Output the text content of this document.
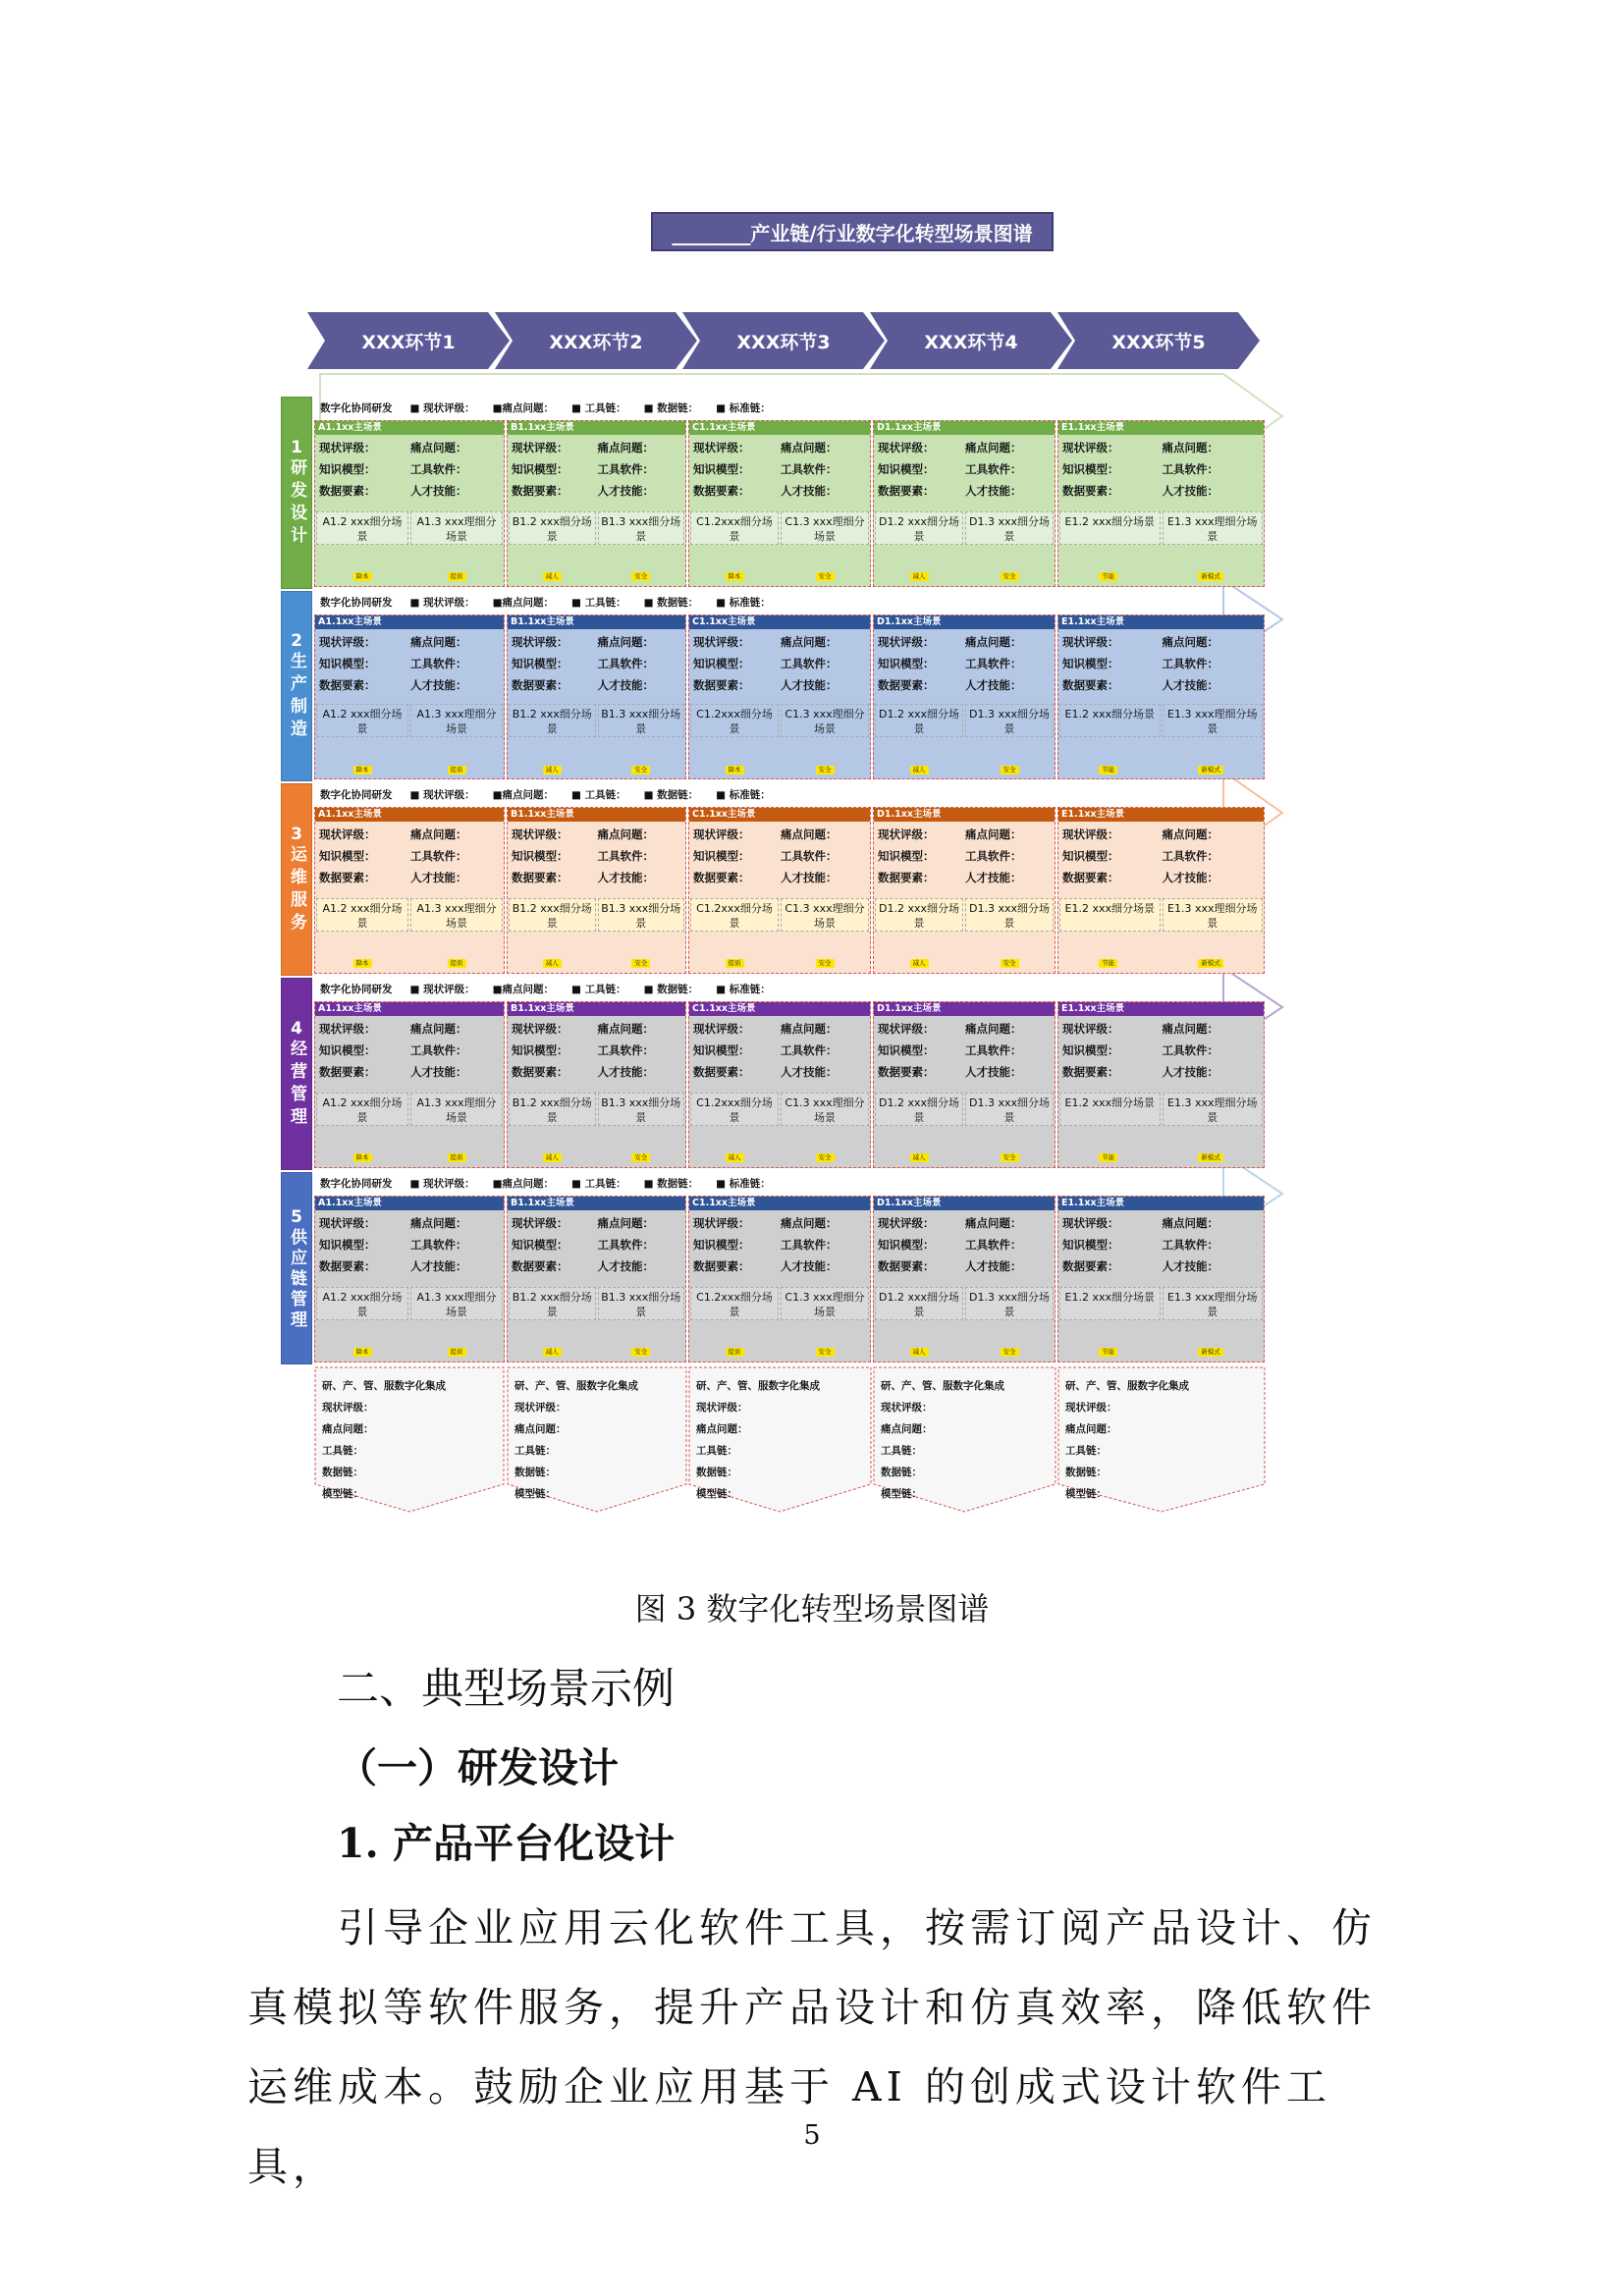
________产业链/行业数字化转型场景图谱
XXX环节1	XXX环节2	XXX环节3	XXX环节4	XXX环节5
1
研发设计
数字化协同研发 ■ 现状评级： ■痛点问题： ■ 工具链： ■ 数据链： ■ 标准链：
A1.1xx主场景
现状评级：	痛点问题：
知识模型：	工具软件：
数据要素：	人才技能：
A1.2 xxx细分场景
A1.3 xxx理细分场景
降本	提质
B1.1xx主场景
现状评级：	痛点问题：
知识模型：	工具软件：
数据要素：	人才技能：
B1.2 xxx细分场景
B1.3 xxx细分场景
减人	安全
C1.1xx主场景
现状评级：	痛点问题：
知识模型：	工具软件：
数据要素：	人才技能：
C1.2xxx细分场景
C1.3 xxx理细分场景
降本	安全
D1.1xx主场景
现状评级：	痛点问题：
知识模型：	工具软件：
数据要素：	人才技能：
D1.2 xxx细分场景
D1.3 xxx细分场景
减人	安全
E1.1xx主场景
现状评级：	痛点问题：
知识模型：	工具软件：
数据要素：	人才技能：
E1.2 xxx细分场景	E1.3 xxx理细分场景
节能	新模式
2
生产制造
数字化协同研发 ■ 现状评级： ■痛点问题： ■ 工具链： ■ 数据链： ■ 标准链：
A1.1xx主场景
现状评级：	痛点问题：
知识模型：	工具软件：
数据要素：	人才技能：
A1.2 xxx细分场景
A1.3 xxx理细分场景
降本	提质
B1.1xx主场景
现状评级：	痛点问题：
知识模型：	工具软件：
数据要素：	人才技能：
B1.2 xxx细分场景
B1.3 xxx细分场景
减人	安全
C1.1xx主场景
现状评级：	痛点问题：
知识模型：	工具软件：
数据要素：	人才技能：
C1.2xxx细分场景
C1.3 xxx理细分场景
降本	安全
D1.1xx主场景
现状评级：	痛点问题：
知识模型：	工具软件：
数据要素：	人才技能：
D1.2 xxx细分场景
D1.3 xxx细分场景
减人	安全
E1.1xx主场景
现状评级：	痛点问题：
知识模型：	工具软件：
数据要素：	人才技能：
E1.2 xxx细分场景	E1.3 xxx理细分场景
节能	新模式
3
运维服务
数字化协同研发 ■ 现状评级： ■痛点问题： ■ 工具链： ■ 数据链： ■ 标准链：
A1.1xx主场景
现状评级：	痛点问题：
知识模型：	工具软件：
数据要素：	人才技能：
A1.2 xxx细分场景
A1.3 xxx理细分场景
降本	提质
B1.1xx主场景
现状评级：	痛点问题：
知识模型：	工具软件：
数据要素：	人才技能：
B1.2 xxx细分场景
B1.3 xxx细分场景
减人	安全
C1.1xx主场景
现状评级：	痛点问题：
知识模型：	工具软件：
数据要素：	人才技能：
C1.2xxx细分场景
C1.3 xxx理细分场景
提质	安全
D1.1xx主场景
现状评级：	痛点问题：
知识模型：	工具软件：
数据要素：	人才技能：
D1.2 xxx细分场景
D1.3 xxx细分场景
减人	安全
E1.1xx主场景
现状评级：	痛点问题：
知识模型：	工具软件：
数据要素：	人才技能：
E1.2 xxx细分场景	E1.3 xxx理细分场景
节能	新模式
4
经营管理
数字化协同研发 ■ 现状评级： ■痛点问题： ■ 工具链： ■ 数据链： ■ 标准链：
A1.1xx主场景
现状评级：	痛点问题：
知识模型：	工具软件：
数据要素：	人才技能：
A1.2 xxx细分场景
A1.3 xxx理细分场景
降本	提质
B1.1xx主场景
现状评级：	痛点问题：
知识模型：	工具软件：
数据要素：	人才技能：
B1.2 xxx细分场景
B1.3 xxx细分场景
减人	安全
C1.1xx主场景
现状评级：	痛点问题：
知识模型：	工具软件：
数据要素：	人才技能：
C1.2xxx细分场景
C1.3 xxx理细分场景
减人	安全
D1.1xx主场景
现状评级：	痛点问题：
知识模型：	工具软件：
数据要素：	人才技能：
D1.2 xxx细分场景
D1.3 xxx细分场景
减人	安全
E1.1xx主场景
现状评级：	痛点问题：
知识模型：	工具软件：
数据要素：	人才技能：
E1.2 xxx细分场景	E1.3 xxx理细分场景
节能	新模式
5
供应链管理
数字化协同研发 ■ 现状评级： ■痛点问题： ■ 工具链： ■ 数据链： ■ 标准链：
A1.1xx主场景
现状评级：	痛点问题：
知识模型：	工具软件：
数据要素：	人才技能：
A1.2 xxx细分场景
A1.3 xxx理细分场景
降本	提质
B1.1xx主场景
现状评级：	痛点问题：
知识模型：	工具软件：
数据要素：	人才技能：
B1.2 xxx细分场景
B1.3 xxx细分场景
减人	安全
C1.1xx主场景
现状评级：	痛点问题：
知识模型：	工具软件：
数据要素：	人才技能：
C1.2xxx细分场景
C1.3 xxx理细分场景
提质	安全
D1.1xx主场景
现状评级：	痛点问题：
知识模型：	工具软件：
数据要素：	人才技能：
D1.2 xxx细分场景
D1.3 xxx细分场景
减人	安全
E1.1xx主场景
现状评级：	痛点问题：
知识模型：	工具软件：
数据要素：	人才技能：
E1.2 xxx细分场景	E1.3 xxx理细分场景
节能	新模式
研、产、管、服数字化集成
现状评级：
痛点问题：
工具链：
数据链：
模型链：
研、产、管、服数字化集成
现状评级：
痛点问题：
工具链：
数据链：
模型链：
研、产、管、服数字化集成
现状评级：
痛点问题：
工具链：
数据链：
模型链：
研、产、管、服数字化集成
现状评级：
痛点问题：
工具链：
数据链：
模型链：
研、产、管、服数字化集成
现状评级：
痛点问题：
工具链：
数据链：
模型链：
图 3 数字化转型场景图谱
二、典型场景示例
（一）研发设计
1. 产品平台化设计
引导企业应用云化软件工具，按需订阅产品设计、仿真模拟等软件服务，提升产品设计和仿真效率，降低软件运维成本。鼓励企业应用基于 AI 的创成式设计软件工具，
5
